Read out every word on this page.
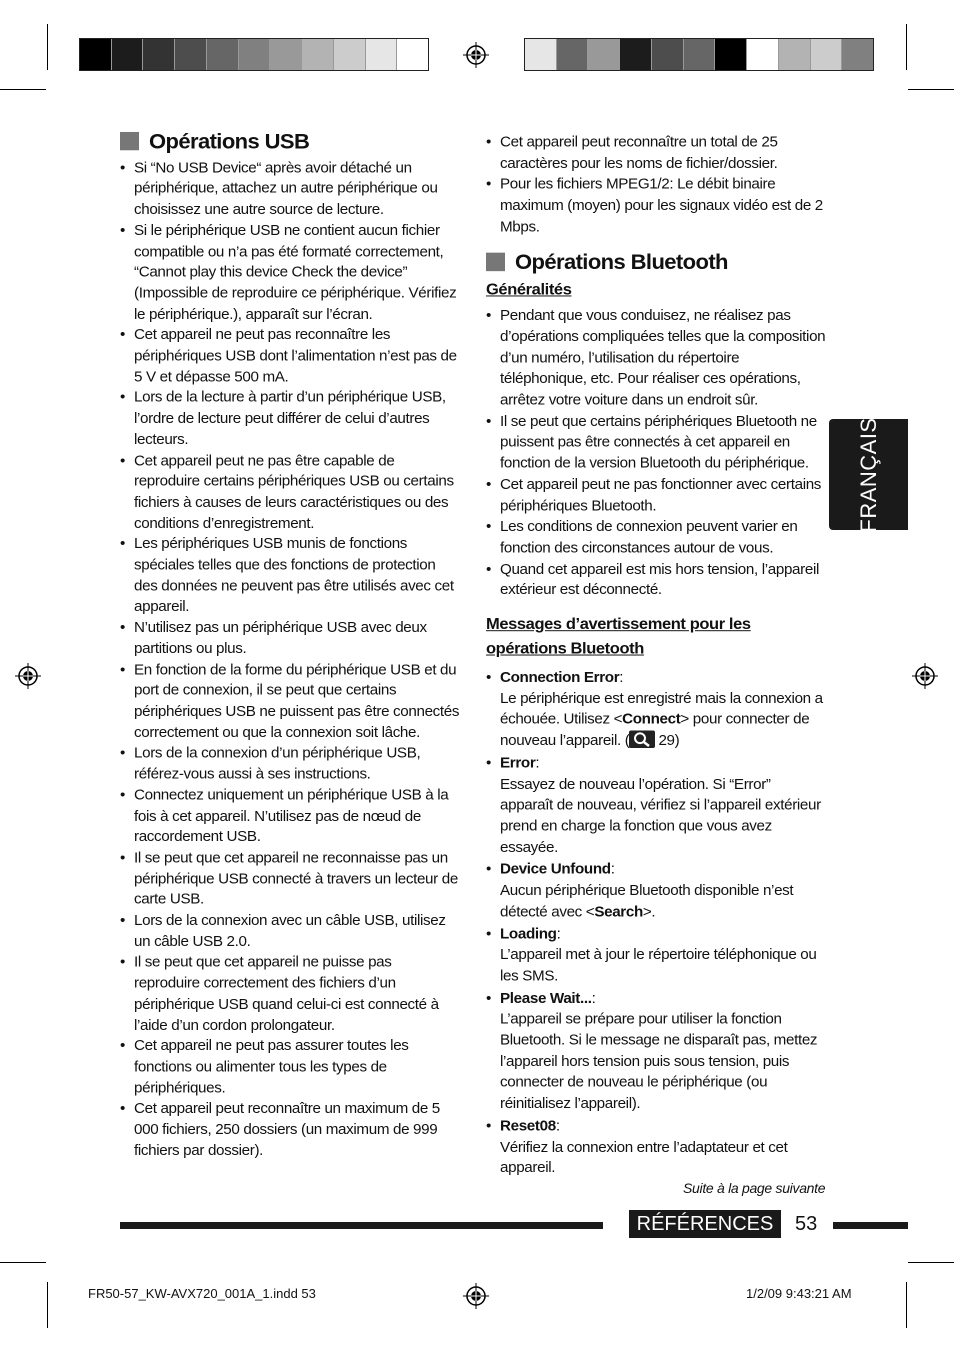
Opérations USB
• Si “No USB Device“ après avoir détaché un périphérique, attachez un autre périphérique ou choisissez une autre source de lecture.
• Si le périphérique USB ne contient aucun fichier compatible ou n’a pas été formaté correctement, “Cannot play this device Check the device” (Impossible de reproduire ce périphérique. Vérifiez le périphérique.), apparaît sur l’écran.
• Cet appareil ne peut pas reconnaître les périphériques USB dont l’alimentation n’est pas de 5 V et dépasse 500 mA.
• Lors de la lecture à partir d’un périphérique USB, l’ordre de lecture peut différer de celui d’autres lecteurs.
• Cet appareil peut ne pas être capable de reproduire certains périphériques USB ou certains fichiers à causes de leurs caractéristiques ou des conditions d’enregistrement.
• Les périphériques USB munis de fonctions spéciales telles que des fonctions de protection des données ne peuvent pas être utilisés avec cet appareil.
• N’utilisez pas un périphérique USB avec deux partitions ou plus.
• En fonction de la forme du périphérique USB et du port de connexion, il se peut que certains périphériques USB ne puissent pas être connectés correctement ou que la connexion soit lâche.
• Lors de la connexion d’un périphérique USB, référez-vous aussi à ses instructions.
• Connectez uniquement un périphérique USB à la fois à cet appareil. N’utilisez pas de nœud de raccordement USB.
• Il se peut que cet appareil ne reconnaisse pas un périphérique USB connecté à travers un lecteur de carte USB.
• Lors de la connexion avec un câble USB, utilisez un câble USB 2.0.
• Il se peut que cet appareil ne puisse pas reproduire correctement des fichiers d’un périphérique USB quand celui-ci est connecté à l’aide d’un cordon prolongateur.
• Cet appareil ne peut pas assurer toutes les fonctions ou alimenter tous les types de périphériques.
• Cet appareil peut reconnaître un maximum de 5 000 fichiers, 250 dossiers (un maximum de 999 fichiers par dossier).
• Cet appareil peut reconnaître un total de 25 caractères pour les noms de fichier/dossier.
• Pour les fichiers MPEG1/2: Le débit binaire maximum (moyen) pour les signaux vidéo est de 2 Mbps.
Opérations Bluetooth
Généralités
• Pendant que vous conduisez, ne réalisez pas d’opérations compliquées telles que la composition d’un numéro, l’utilisation du répertoire téléphonique, etc. Pour réaliser ces opérations, arrêtez votre voiture dans un endroit sûr.
• Il se peut que certains périphériques Bluetooth ne puissent pas être connectés à cet appareil en fonction de la version Bluetooth du périphérique.
• Cet appareil peut ne pas fonctionner avec certains périphériques Bluetooth.
• Les conditions de connexion peuvent varier en fonction des circonstances autour de vous.
• Quand cet appareil est mis hors tension, l’appareil extérieur est déconnecté.
Messages d’avertissement pour les opérations Bluetooth
• Connection Error:
Le périphérique est enregistré mais la connexion a échouée. Utilisez <Connect> pour connecter de nouveau l’appareil. ( 29)
• Error:
Essayez de nouveau l’opération. Si “Error” apparaît de nouveau, vérifiez si l’appareil extérieur prend en charge la fonction que vous avez essayée.
• Device Unfound:
Aucun périphérique Bluetooth disponible n’est détecté avec <Search>.
• Loading:
L’appareil met à jour le répertoire téléphonique ou les SMS.
• Please Wait...:
L’appareil se prépare pour utiliser la fonction Bluetooth. Si le message ne disparaît pas, mettez l’appareil hors tension puis sous tension, puis connecter de nouveau le périphérique (ou réinitialisez l’appareil).
• Reset08:
Vérifiez la connexion entre l’adaptateur et cet appareil.
Suite à la page suivante
FRANÇAIS
RÉFÉRENCES	53
FR50-57_KW-AVX720_001A_1.indd 53	1/2/09 9:43:21 AM
